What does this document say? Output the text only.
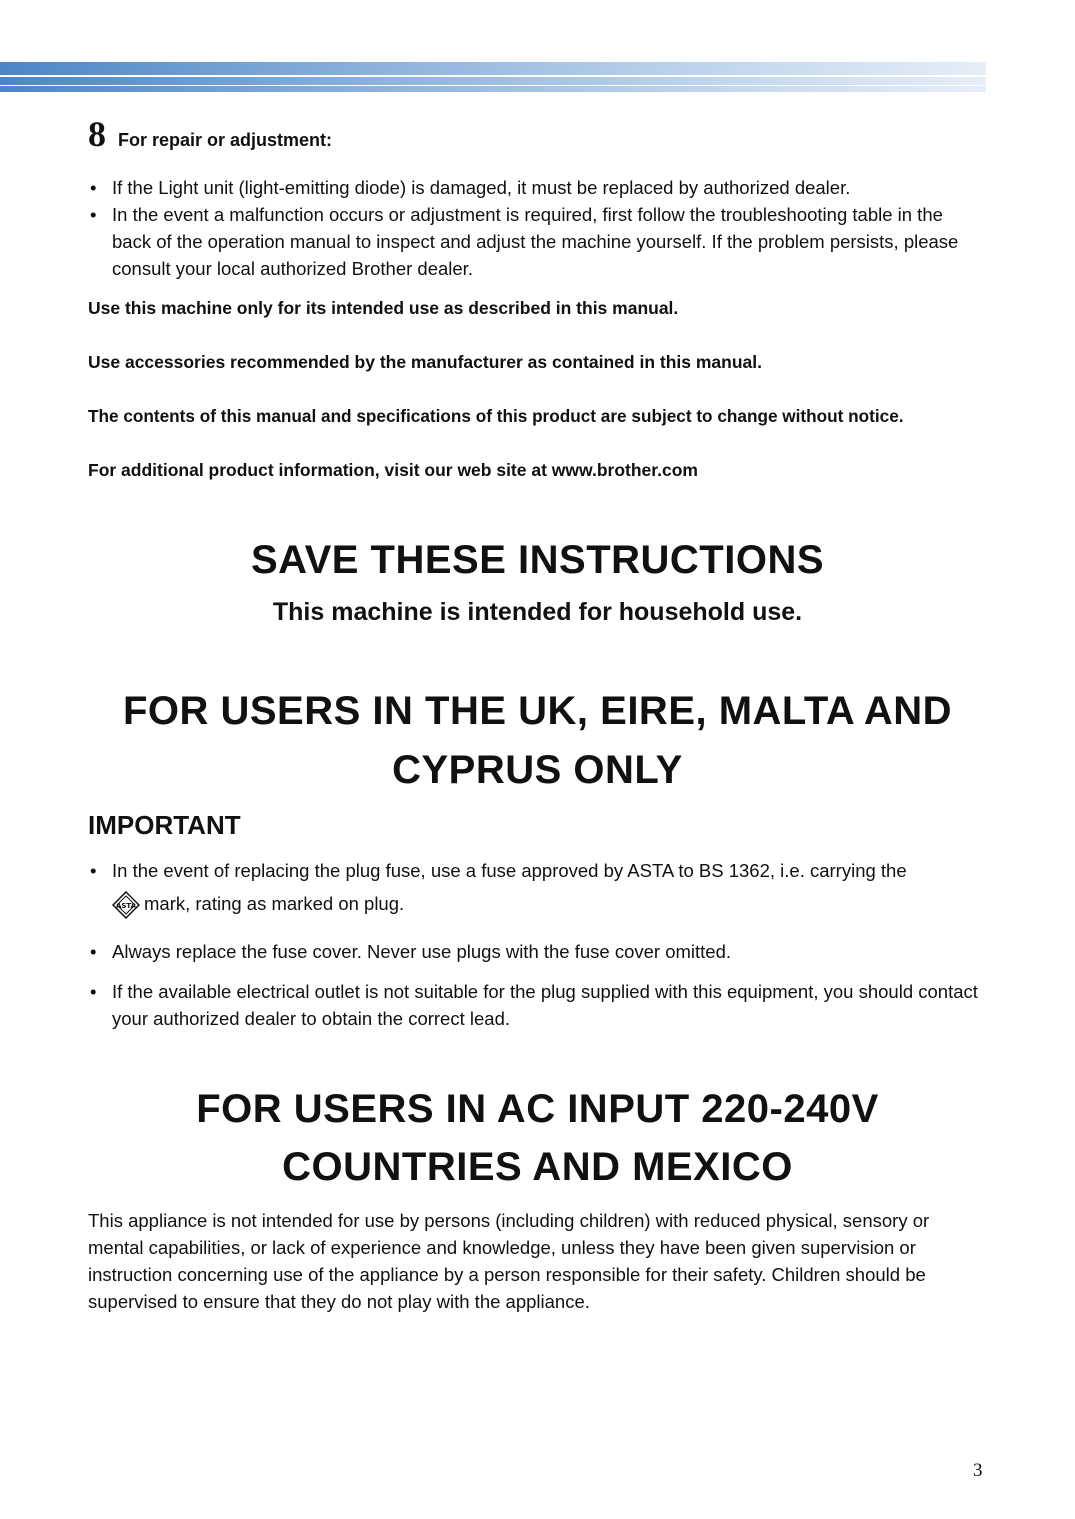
8 For repair or adjustment:
• If the Light unit (light-emitting diode) is damaged, it must be replaced by authorized dealer.
• In the event a malfunction occurs or adjustment is required, first follow the troubleshooting table in the back of the operation manual to inspect and adjust the machine yourself. If the problem persists, please consult your local authorized Brother dealer.
Use this machine only for its intended use as described in this manual.
Use accessories recommended by the manufacturer as contained in this manual.
The contents of this manual and specifications of this product are subject to change without notice.
For additional product information, visit our web site at www.brother.com
SAVE THESE INSTRUCTIONS
This machine is intended for household use.
FOR USERS IN THE UK, EIRE, MALTA AND
CYPRUS ONLY
IMPORTANT
• In the event of replacing the plug fuse, use a fuse approved by ASTA to BS 1362, i.e. carrying the

ASTA mark, rating as marked on plug.
• Always replace the fuse cover. Never use plugs with the fuse cover omitted.
• If the available electrical outlet is not suitable for the plug supplied with this equipment, you should contact your authorized dealer to obtain the correct lead.
FOR USERS IN AC INPUT 220-240V
COUNTRIES AND MEXICO
This appliance is not intended for use by persons (including children) with reduced physical, sensory or mental capabilities, or lack of experience and knowledge, unless they have been given supervision or instruction concerning use of the appliance by a person responsible for their safety. Children should be supervised to ensure that they do not play with the appliance.
3
